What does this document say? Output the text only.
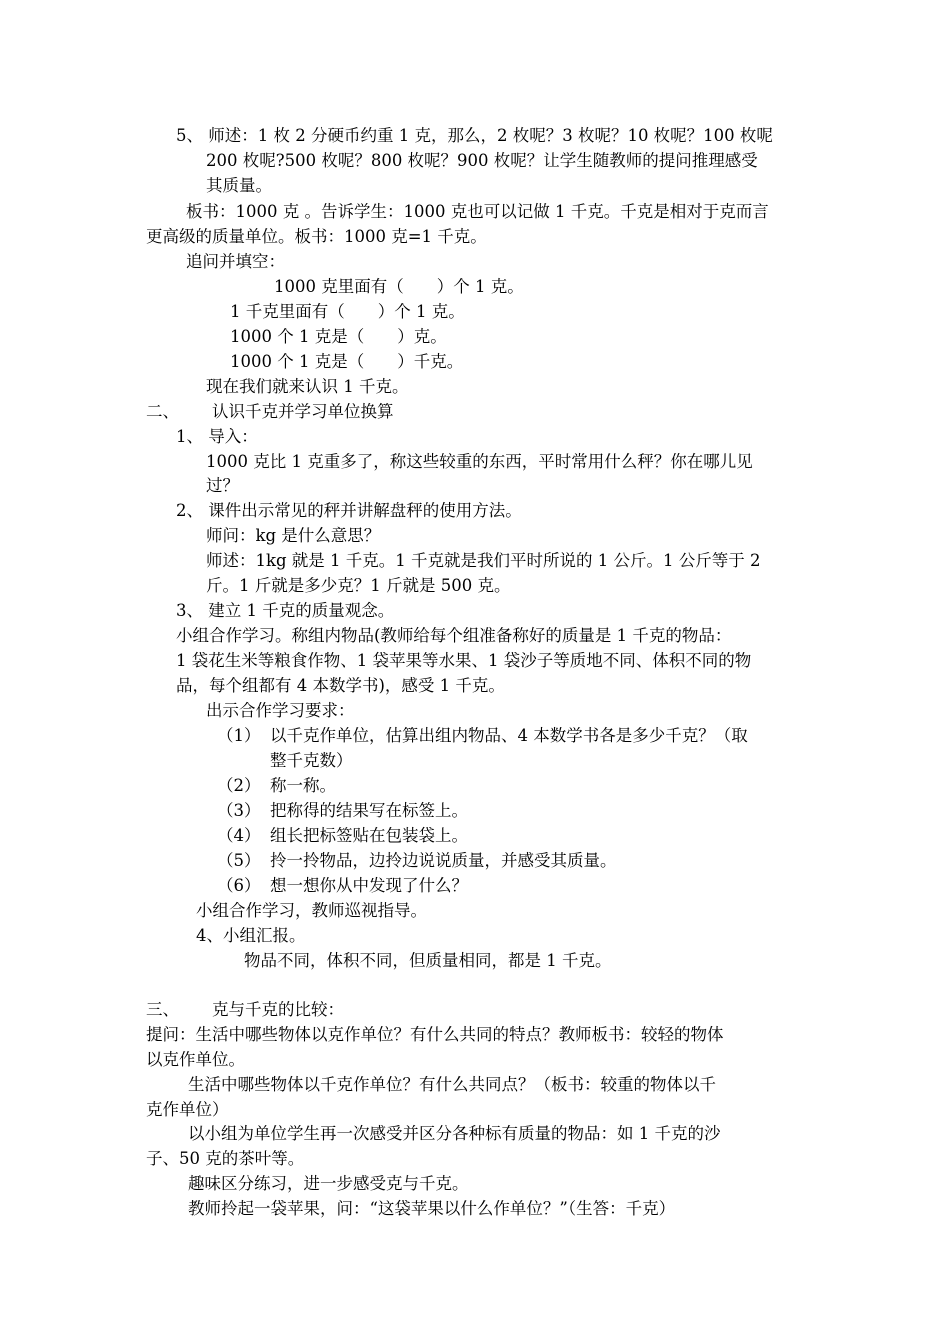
5、 师述：1 枚 2 分硬币约重 1 克，那么，2 枚呢？3 枚呢？10 枚呢？100 枚呢
200 枚呢?500 枚呢？800 枚呢？900 枚呢？让学生随教师的提问推理感受
其质量。
板书：1000 克 。告诉学生：1000 克也可以记做 1 千克。千克是相对于克而言
更高级的质量单位。板书：1000 克=1 千克。
追问并填空：
1000 克里面有（　　）个 1 克。
1 千克里面有（　　）个 1 克。
1000 个 1 克是（　　）克。
1000 个 1 克是（　　）千克。
现在我们就来认识 1 千克。
二、 认识千克并学习单位换算
1、 导入：
1000 克比 1 克重多了，称这些较重的东西，平时常用什么秤？你在哪儿见
过？
2、 课件出示常见的秤并讲解盘秤的使用方法。
师问：kg 是什么意思？
师述：1kg 就是 1 千克。1 千克就是我们平时所说的 1 公斤。1 公斤等于 2
斤。1 斤就是多少克？1 斤就是 500 克。
3、 建立 1 千克的质量观念。
小组合作学习。称组内物品(教师给每个组准备称好的质量是 1 千克的物品：
1 袋花生米等粮食作物、1 袋苹果等水果、1 袋沙子等质地不同、体积不同的物
品，每个组都有 4 本数学书)，感受 1 千克。
出示合作学习要求：
（1） 以千克作单位，估算出组内物品、4 本数学书各是多少千克？（取
整千克数）
（2） 称一称。
（3） 把称得的结果写在标签上。
（4） 组长把标签贴在包装袋上。
（5） 拎一拎物品，边拎边说说质量，并感受其质量。
（6） 想一想你从中发现了什么？
小组合作学习，教师巡视指导。
4、小组汇报。
物品不同，体积不同，但质量相同，都是 1 千克。
三、 克与千克的比较：
提问：生活中哪些物体以克作单位？有什么共同的特点？教师板书：较轻的物体
以克作单位。
生活中哪些物体以千克作单位？有什么共同点？（板书：较重的物体以千
克作单位）
以小组为单位学生再一次感受并区分各种标有质量的物品：如 1 千克的沙
子、50 克的茶叶等。
趣味区分练习，进一步感受克与千克。
教师拎起一袋苹果，问：“这袋苹果以什么作单位？”（生答：千克）
